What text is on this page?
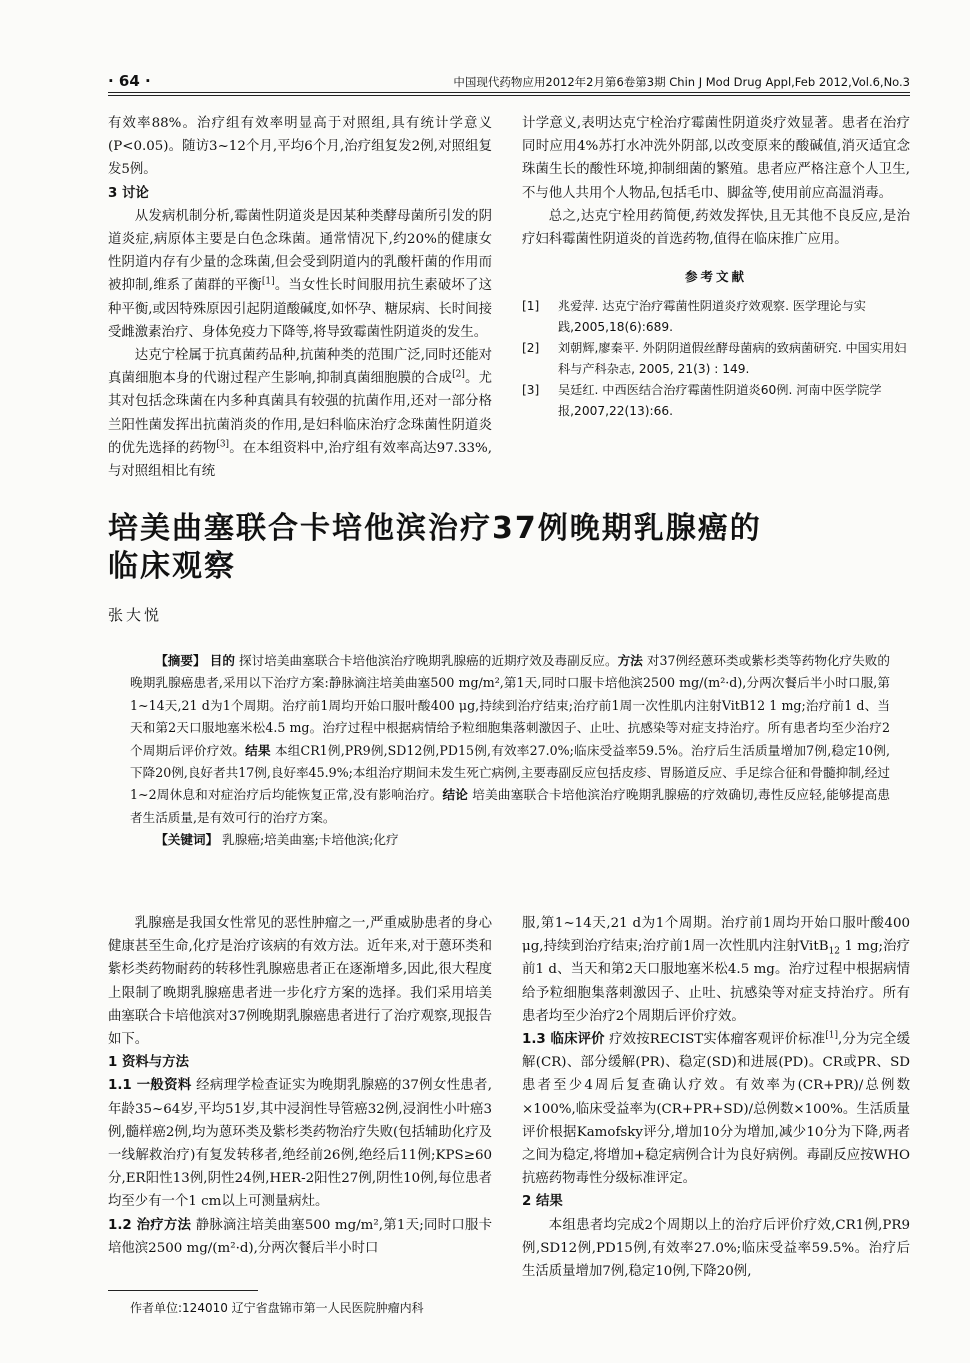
· 64 ·	中国现代药物应用2012年2月第6卷第3期 Chin J Mod Drug Appl,Feb 2012,Vol.6,No.3

有效率88%。治疗组有效率明显高于对照组,具有统计学意义(P<0.05)。随访3~12个月,平均6个月,治疗组复发2例,对照组复发5例。

3 讨论

从发病机制分析,霉菌性阴道炎是因某种类酵母菌所引发的阴道炎症,病原体主要是白色念珠菌。通常情况下,约20%的健康女性阴道内存有少量的念珠菌,但会受到阴道内的乳酸杆菌的作用而被抑制,维系了菌群的平衡[1]。当女性长时间服用抗生素破坏了这种平衡,或因特殊原因引起阴道酸碱度,如怀孕、糖尿病、长时间接受雌激素治疗、身体免疫力下降等,将导致霉菌性阴道炎的发生。

达克宁栓属于抗真菌药品种,抗菌种类的范围广泛,同时还能对真菌细胞本身的代谢过程产生影响,抑制真菌细胞膜的合成[2]。尤其对包括念珠菌在内多种真菌具有较强的抗菌作用,还对一部分格兰阳性菌发挥出抗菌消炎的作用,是妇科临床治疗念珠菌性阴道炎的优先选择的药物[3]。在本组资料中,治疗组有效率高达97.33%,与对照组相比有统

计学意义,表明达克宁栓治疗霉菌性阴道炎疗效显著。患者在治疗同时应用4%苏打水冲洗外阴部,以改变原来的酸碱值,消灭适宜念珠菌生长的酸性环境,抑制细菌的繁殖。患者应严格注意个人卫生,不与他人共用个人物品,包括毛巾、脚盆等,使用前应高温消毒。

总之,达克宁栓用药简便,药效发挥快,且无其他不良反应,是治疗妇科霉菌性阴道炎的首选药物,值得在临床推广应用。

参考文献
[1]	兆爱萍. 达克宁治疗霉菌性阴道炎疗效观察. 医学理论与实践,2005,18(6):689.
[2]	刘朝辉,廖秦平. 外阴阴道假丝酵母菌病的致病菌研究. 中国实用妇科与产科杂志, 2005, 21(3) : 149.
[3]	吴廷红. 中西医结合治疗霉菌性阴道炎60例. 河南中医学院学报,2007,22(13):66.
培美曲塞联合卡培他滨治疗37例晚期乳腺癌的
临床观察
张大悦

【摘要】 目的 探讨培美曲塞联合卡培他滨治疗晚期乳腺癌的近期疗效及毒副反应。方法 对37例经蒽环类或紫杉类等药物化疗失败的晚期乳腺癌患者,采用以下治疗方案:静脉滴注培美曲塞500 mg/m²,第1天,同时口服卡培他滨2500 mg/(m²·d),分两次餐后半小时口服,第1~14天,21 d为1个周期。治疗前1周均开始口服叶酸400 μg,持续到治疗结束;治疗前1周一次性肌内注射VitB12 1 mg;治疗前1 d、当天和第2天口服地塞米松4.5 mg。治疗过程中根据病情给予粒细胞集落刺激因子、止吐、抗感染等对症支持治疗。所有患者均至少治疗2个周期后评价疗效。结果 本组CR1例,PR9例,SD12例,PD15例,有效率27.0%;临床受益率59.5%。治疗后生活质量增加7例,稳定10例,下降20例,良好者共17例,良好率45.9%;本组治疗期间未发生死亡病例,主要毒副反应包括皮疹、胃肠道反应、手足综合征和骨髓抑制,经过1~2周休息和对症治疗后均能恢复正常,没有影响治疗。结论 培美曲塞联合卡培他滨治疗晚期乳腺癌的疗效确切,毒性反应轻,能够提高患者生活质量,是有效可行的治疗方案。

【关键词】 乳腺癌;培美曲塞;卡培他滨;化疗

乳腺癌是我国女性常见的恶性肿瘤之一,严重威胁患者的身心健康甚至生命,化疗是治疗该病的有效方法。近年来,对于蒽环类和紫杉类药物耐药的转移性乳腺癌患者正在逐渐增多,因此,很大程度上限制了晚期乳腺癌患者进一步化疗方案的选择。我们采用培美曲塞联合卡培他滨对37例晚期乳腺癌患者进行了治疗观察,现报告如下。

1 资料与方法

1.1 一般资料 经病理学检查证实为晚期乳腺癌的37例女性患者,年龄35~64岁,平均51岁,其中浸润性导管癌32例,浸润性小叶癌3例,髓样癌2例,均为蒽环类及紫杉类药物治疗失败(包括辅助化疗及一线解救治疗)有复发转移者,绝经前26例,绝经后11例;KPS≥60分,ER阳性13例,阴性24例,HER-2阳性27例,阴性10例,每位患者均至少有一个1 cm以上可测量病灶。

1.2 治疗方法 静脉滴注培美曲塞500 mg/m²,第1天;同时口服卡培他滨2500 mg/(m²·d),分两次餐后半小时口

服,第1~14天,21 d为1个周期。治疗前1周均开始口服叶酸400 μg,持续到治疗结束;治疗前1周一次性肌内注射VitB$_{12}$ 1 mg;治疗前1 d、当天和第2天口服地塞米松4.5 mg。治疗过程中根据病情给予粒细胞集落刺激因子、止吐、抗感染等对症支持治疗。所有患者均至少治疗2个周期后评价疗效。

1.3 临床评价 疗效按RECIST实体瘤客观评价标准[1],分为完全缓解(CR)、部分缓解(PR)、稳定(SD)和进展(PD)。CR或PR、SD患者至少4周后复查确认疗效。有效率为(CR+PR)/总例数×100%,临床受益率为(CR+PR+SD)/总例数×100%。生活质量评价根据Kamofsky评分,增加10分为增加,减少10分为下降,两者之间为稳定,将增加+稳定病例合计为良好病例。毒副反应按WHO抗癌药物毒性分级标准评定。

2 结果

本组患者均完成2个周期以上的治疗后评价疗效,CR1例,PR9例,SD12例,PD15例,有效率27.0%;临床受益率59.5%。治疗后生活质量增加7例,稳定10例,下降20例,

作者单位:124010 辽宁省盘锦市第一人民医院肿瘤内科
